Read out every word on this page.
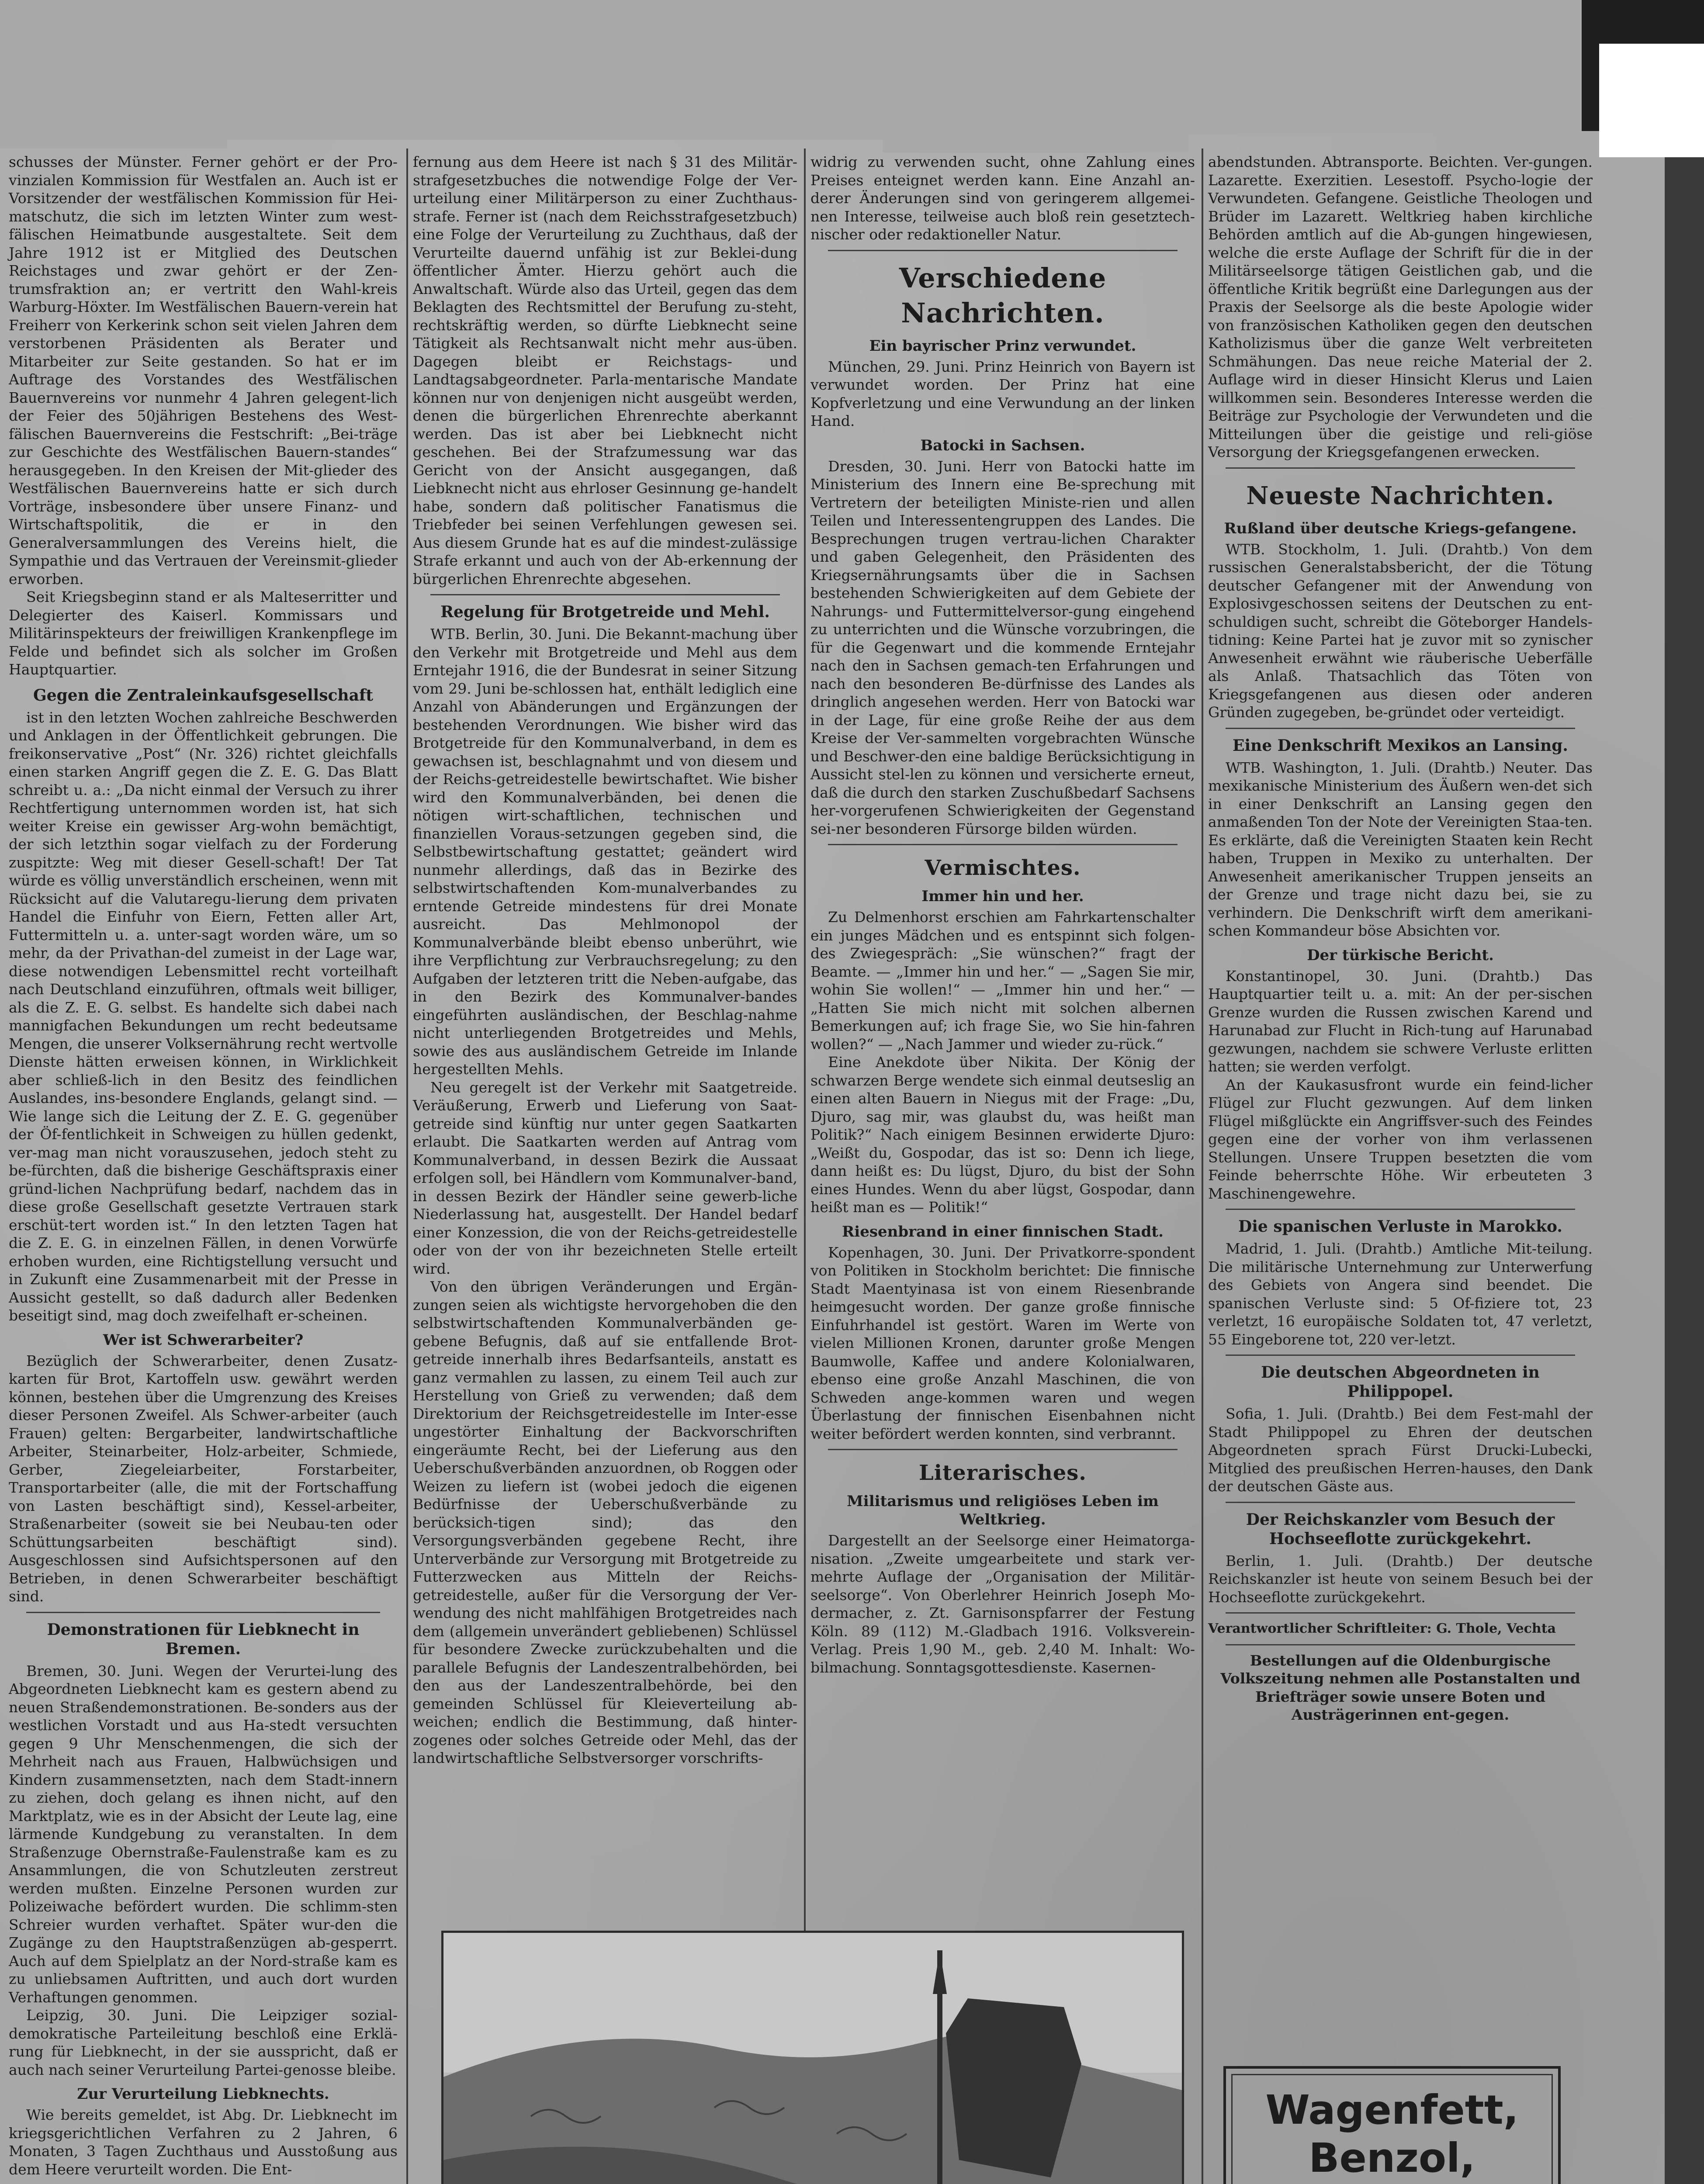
schusses der Münster. Ferner gehört er der Pro-vinzialen Kommission für Westfalen an. Auch ist er Vorsitzender der westfälischen Kommission für Hei-matschutz, die sich im letzten Winter zum west-fälischen Heimatbunde ausgestaltete. Seit dem Jahre 1912 ist er Mitglied des Deutschen Reichstages und zwar gehört er der Zen-trumsfraktion an; er vertritt den Wahl-kreis Warburg-Höxter. Im Westfälischen Bauern-verein hat Freiherr von Kerkerink schon seit vielen Jahren dem verstorbenen Präsidenten als Berater und Mitarbeiter zur Seite gestanden. So hat er im Auftrage des Vorstandes des Westfälischen Bauernvereins vor nunmehr 4 Jahren gelegent-lich der Feier des 50jährigen Bestehens des West-fälischen Bauernvereins die Festschrift: „Bei-träge zur Geschichte des Westfälischen Bauern-standes“ herausgegeben. In den Kreisen der Mit-glieder des Westfälischen Bauernvereins hatte er sich durch Vorträge, insbesondere über unsere Finanz- und Wirtschaftspolitik, die er in den Generalversammlungen des Vereins hielt, die Sympathie und das Vertrauen der Vereinsmit-glieder erworben.

Seit Kriegsbeginn stand er als Malteserritter und Delegierter des Kaiserl. Kommissars und Militärinspekteurs der freiwilligen Krankenpflege im Felde und befindet sich als solcher im Großen Hauptquartier.

Gegen die Zentraleinkaufsgesellschaft

ist in den letzten Wochen zahlreiche Beschwerden und Anklagen in der Öffentlichkeit gebrungen. Die freikonservative „Post“ (Nr. 326) richtet gleichfalls einen starken Angriff gegen die Z. E. G. Das Blatt schreibt u. a.: „Da nicht einmal der Versuch zu ihrer Rechtfertigung unternommen worden ist, hat sich weiter Kreise ein gewisser Arg-wohn bemächtigt, der sich letzthin sogar vielfach zu der Forderung zuspitzte: Weg mit dieser Gesell-schaft! Der Tat würde es völlig unverständlich erscheinen, wenn mit Rücksicht auf die Valutaregu-lierung dem privaten Handel die Einfuhr von Eiern, Fetten aller Art, Futtermitteln u. a. unter-sagt worden wäre, um so mehr, da der Privathan-del zumeist in der Lage war, diese notwendigen Lebensmittel recht vorteilhaft nach Deutschland einzuführen, oftmals weit billiger, als die Z. E. G. selbst. Es handelte sich dabei nach mannigfachen Bekundungen um recht bedeutsame Mengen, die unserer Volksernährung recht wertvolle Dienste hätten erweisen können, in Wirklichkeit aber schließ-lich in den Besitz des feindlichen Auslandes, ins-besondere Englands, gelangt sind. — Wie lange sich die Leitung der Z. E. G. gegenüber der Öf-fentlichkeit in Schweigen zu hüllen gedenkt, ver-mag man nicht vorauszusehen, jedoch steht zu be-fürchten, daß die bisherige Geschäftspraxis einer gründ-lichen Nachprüfung bedarf, nachdem das in diese große Gesellschaft gesetzte Vertrauen stark erschüt-tert worden ist.“ In den letzten Tagen hat die Z. E. G. in einzelnen Fällen, in denen Vorwürfe erhoben wurden, eine Richtigstellung versucht und in Zukunft eine Zusammenarbeit mit der Presse in Aussicht gestellt, so daß dadurch aller Bedenken beseitigt sind, mag doch zweifelhaft er-scheinen.

Wer ist Schwerarbeiter?

Bezüglich der Schwerarbeiter, denen Zusatz-karten für Brot, Kartoffeln usw. gewährt werden können, bestehen über die Umgrenzung des Kreises dieser Personen Zweifel. Als Schwer-arbeiter (auch Frauen) gelten: Bergarbeiter, landwirtschaftliche Arbeiter, Steinarbeiter, Holz-arbeiter, Schmiede, Gerber, Ziegeleiarbeiter, Forstarbeiter, Transportarbeiter (alle, die mit der Fortschaffung von Lasten beschäftigt sind), Kessel-arbeiter, Straßenarbeiter (soweit sie bei Neubau-ten oder Schüttungsarbeiten beschäftigt sind). Ausgeschlossen sind Aufsichtspersonen auf den Betrieben, in denen Schwerarbeiter beschäftigt sind.

Demonstrationen für Liebknecht in Bremen.

Bremen, 30. Juni. Wegen der Verurtei-lung des Abgeordneten Liebknecht kam es gestern abend zu neuen Straßendemonstrationen. Be-sonders aus der westlichen Vorstadt und aus Ha-stedt versuchten gegen 9 Uhr Menschenmengen, die sich der Mehrheit nach aus Frauen, Halbwüchsigen und Kindern zusammensetzten, nach dem Stadt-innern zu ziehen, doch gelang es ihnen nicht, auf den Marktplatz, wie es in der Absicht der Leute lag, eine lärmende Kundgebung zu veranstalten. In dem Straßenzuge Obernstraße-Faulenstraße kam es zu Ansammlungen, die von Schutzleuten zerstreut werden mußten. Einzelne Personen wurden zur Polizeiwache befördert wurden. Die schlimm-sten Schreier wurden verhaftet. Später wur-den die Zugänge zu den Hauptstraßenzügen ab-gesperrt. Auch auf dem Spielplatz an der Nord-straße kam es zu unliebsamen Auftritten, und auch dort wurden Verhaftungen genommen.

Leipzig, 30. Juni. Die Leipziger sozial-demokratische Parteileitung beschloß eine Erklä-rung für Liebknecht, in der sie ausspricht, daß er auch nach seiner Verurteilung Partei-genosse bleibe.

Zur Verurteilung Liebknechts.

Wie bereits gemeldet, ist Abg. Dr. Liebknecht im kriegsgerichtlichen Verfahren zu 2 Jahren, 6 Monaten, 3 Tagen Zuchthaus und Ausstoßung aus dem Heere verurteilt worden. Die Ent-

fernung aus dem Heere ist nach § 31 des Militär-strafgesetzbuches die notwendige Folge der Ver-urteilung einer Militärperson zu einer Zuchthaus-strafe. Ferner ist (nach dem Reichsstrafgesetzbuch) eine Folge der Verurteilung zu Zuchthaus, daß der Verurteilte dauernd unfähig ist zur Beklei-dung öffentlicher Ämter. Hierzu gehört auch die Anwaltschaft. Würde also das Urteil, gegen das dem Beklagten des Rechtsmittel der Berufung zu-steht, rechtskräftig werden, so dürfte Liebknecht seine Tätigkeit als Rechtsanwalt nicht mehr aus-üben. Dagegen bleibt er Reichstags- und Landtagsabgeordneter. Parla-mentarische Mandate können nur von denjenigen nicht ausgeübt werden, denen die bürgerlichen Ehrenrechte aberkannt werden. Das ist aber bei Liebknecht nicht geschehen. Bei der Strafzumessung war das Gericht von der Ansicht ausgegangen, daß Liebknecht nicht aus ehrloser Gesinnung ge-handelt habe, sondern daß politischer Fanatismus die Triebfeder bei seinen Verfehlungen gewesen sei. Aus diesem Grunde hat es auf die mindest-zulässige Strafe erkannt und auch von der Ab-erkennung der bürgerlichen Ehrenrechte abgesehen.

Regelung für Brotgetreide und Mehl.

WTB. Berlin, 30. Juni. Die Bekannt-machung über den Verkehr mit Brotgetreide und Mehl aus dem Erntejahr 1916, die der Bundesrat in seiner Sitzung vom 29. Juni be-schlossen hat, enthält lediglich eine Anzahl von Abänderungen und Ergänzungen der bestehenden Verordnungen. Wie bisher wird das Brotgetreide für den Kommunalverband, in dem es gewachsen ist, beschlagnahmt und von diesem und der Reichs-getreidestelle bewirtschaftet. Wie bisher wird den Kommunalverbänden, bei denen die nötigen wirt-schaftlichen, technischen und finanziellen Voraus-setzungen gegeben sind, die Selbstbewirtschaftung gestattet; geändert wird nunmehr allerdings, daß das in Bezirke des selbstwirtschaftenden Kom-munalverbandes zu erntende Getreide mindestens für drei Monate ausreicht. Das Mehlmonopol der Kommunalverbände bleibt ebenso unberührt, wie ihre Verpflichtung zur Verbrauchsregelung; zu den Aufgaben der letzteren tritt die Neben-aufgabe, das in den Bezirk des Kommunalver-bandes eingeführten ausländischen, der Beschlag-nahme nicht unterliegenden Brotgetreides und Mehls, sowie des aus ausländischem Getreide im Inlande hergestellten Mehls.

Neu geregelt ist der Verkehr mit Saatgetreide. Veräußerung, Erwerb und Lieferung von Saat-getreide sind künftig nur unter gegen Saatkarten erlaubt. Die Saatkarten werden auf Antrag vom Kommunalverband, in dessen Bezirk die Aussaat erfolgen soll, bei Händlern vom Kommunalver-band, in dessen Bezirk der Händler seine gewerb-liche Niederlassung hat, ausgestellt. Der Handel bedarf einer Konzession, die von der Reichs-getreidestelle oder von der von ihr bezeichneten Stelle erteilt wird.

Von den übrigen Veränderungen und Ergän-zungen seien als wichtigste hervorgehoben die den selbstwirtschaftenden Kommunalverbänden ge-gebene Befugnis, daß auf sie entfallende Brot-getreide innerhalb ihres Bedarfsanteils, anstatt es ganz vermahlen zu lassen, zu einem Teil auch zur Herstellung von Grieß zu verwenden; daß dem Direktorium der Reichsgetreidestelle im Inter-esse ungestörter Einhaltung der Backvorschriften eingeräumte Recht, bei der Lieferung aus den Ueberschußverbänden anzuordnen, ob Roggen oder Weizen zu liefern ist (wobei jedoch die eigenen Bedürfnisse der Ueberschußverbände zu berücksich-tigen sind); das den Versorgungsverbänden gegebene Recht, ihre Unterverbände zur Versorgung mit Brotgetreide zu Futterzwecken aus Mitteln der Reichs-getreidestelle, außer für die Versorgung der Ver-wendung des nicht mahlfähigen Brotgetreides nach dem (allgemein unverändert gebliebenen) Schlüssel für besondere Zwecke zurückzubehalten und die parallele Befugnis der Landeszentralbehörden, bei den aus der Landeszentralbehörde, bei den gemeinden Schlüssel für Kleieverteilung ab-weichen; endlich die Bestimmung, daß hinter-zogenes oder solches Getreide oder Mehl, das der landwirtschaftliche Selbstversorger vorschrifts-

widrig zu verwenden sucht, ohne Zahlung eines Preises enteignet werden kann. Eine Anzahl an-derer Änderungen sind von geringerem allgemei-nen Interesse, teilweise auch bloß rein gesetztech-nischer oder redaktioneller Natur.

Verschiedene Nachrichten.
Ein bayrischer Prinz verwundet.

München, 29. Juni. Prinz Heinrich von Bayern ist verwundet worden. Der Prinz hat eine Kopfverletzung und eine Verwundung an der linken Hand.

Batocki in Sachsen.

Dresden, 30. Juni. Herr von Batocki hatte im Ministerium des Innern eine Be-sprechung mit Vertretern der beteiligten Ministe-rien und allen Teilen und Interessentengruppen des Landes. Die Besprechungen trugen vertrau-lichen Charakter und gaben Gelegenheit, den Präsidenten des Kriegsernährungsamts über die in Sachsen bestehenden Schwierigkeiten auf dem Gebiete der Nahrungs- und Futtermittelversor-gung eingehend zu unterrichten und die Wünsche vorzubringen, die für die Gegenwart und die kommende Erntejahr nach den in Sachsen gemach-ten Erfahrungen und nach den besonderen Be-dürfnisse des Landes als dringlich angesehen werden. Herr von Batocki war in der Lage, für eine große Reihe der aus dem Kreise der Ver-sammelten vorgebrachten Wünsche und Beschwer-den eine baldige Berücksichtigung in Aussicht stel-len zu können und versicherte erneut, daß die durch den starken Zuschußbedarf Sachsens her-vorgerufenen Schwierigkeiten der Gegenstand sei-ner besonderen Fürsorge bilden würden.

Vermischtes.
Immer hin und her.

Zu Delmenhorst erschien am Fahrkartenschalter ein junges Mädchen und es entspinnt sich folgen-des Zwiegespräch: „Sie wünschen?“ fragt der Beamte. — „Immer hin und her.“ — „Sagen Sie mir, wohin Sie wollen!“ — „Immer hin und her.“ — „Hatten Sie mich nicht mit solchen albernen Bemerkungen auf; ich frage Sie, wo Sie hin-fahren wollen?“ — „Nach Jammer und wieder zu-rück.“

Eine Anekdote über Nikita. Der König der schwarzen Berge wendete sich einmal deutseslig an einen alten Bauern in Niegus mit der Frage: „Du, Djuro, sag mir, was glaubst du, was heißt man Politik?“ Nach einigem Besinnen erwiderte Djuro: „Weißt du, Gospodar, das ist so: Denn ich liege, dann heißt es: Du lügst, Djuro, du bist der Sohn eines Hundes. Wenn du aber lügst, Gospodar, dann heißt man es — Politik!“

Riesenbrand in einer finnischen Stadt.

Kopenhagen, 30. Juni. Der Privatkorre-spondent von Politiken in Stockholm berichtet: Die finnische Stadt Maentyinasa ist von einem Riesenbrande heimgesucht worden. Der ganze große finnische Einfuhrhandel ist gestört. Waren im Werte von vielen Millionen Kronen, darunter große Mengen Baumwolle, Kaffee und andere Kolonialwaren, ebenso eine große Anzahl Maschinen, die von Schweden ange-kommen waren und wegen Überlastung der finnischen Eisenbahnen nicht weiter befördert werden konnten, sind verbrannt.

Literarisches.
Militarismus und religiöses Leben im Weltkrieg.

Dargestellt an der Seelsorge einer Heimatorga-nisation. „Zweite umgearbeitete und stark ver-mehrte Auflage der „Organisation der Militär-seelsorge“. Von Oberlehrer Heinrich Joseph Mo-dermacher, z. Zt. Garnisonspfarrer der Festung Köln. 89 (112) M.-Gladbach 1916. Volksverein-Verlag. Preis 1,90 M., geb. 2,40 M. Inhalt: Wo-bilmachung. Sonntagsgottesdienste. Kasernen-

abendstunden. Abtransporte. Beichten. Ver-gungen. Lazarette. Exerzitien. Lesestoff. Psycho-logie der Verwundeten. Gefangene. Geistliche Theologen und Brüder im Lazarett. Weltkrieg haben kirchliche Behörden amtlich auf die Ab-gungen hingewiesen, welche die erste Auflage der Schrift für die in der Militärseelsorge tätigen Geistlichen gab, und die öffentliche Kritik begrüßt eine Darlegungen aus der Praxis der Seelsorge als die beste Apologie wider von französischen Katholiken gegen den deutschen Katholizismus über die ganze Welt verbreiteten Schmähungen. Das neue reiche Material der 2. Auflage wird in dieser Hinsicht Klerus und Laien willkommen sein. Besonderes Interesse werden die Beiträge zur Psychologie der Verwundeten und die Mitteilungen über die geistige und reli-giöse Versorgung der Kriegsgefangenen erwecken.

Neueste Nachrichten.
Rußland über deutsche Kriegs-gefangene.

WTB. Stockholm, 1. Juli. (Drahtb.) Von dem russischen Generalstabsbericht, der die Tötung deutscher Gefangener mit der Anwendung von Explosivgeschossen seitens der Deutschen zu ent-schuldigen sucht, schreibt die Göteborger Handels-tidning: Keine Partei hat je zuvor mit so zynischer Anwesenheit erwähnt wie räuberische Ueberfälle als Anlaß. Thatsachlich das Töten von Kriegsgefangenen aus diesen oder anderen Gründen zugegeben, be-gründet oder verteidigt.

Eine Denkschrift Mexikos an Lansing.

WTB. Washington, 1. Juli. (Drahtb.) Neuter. Das mexikanische Ministerium des Äußern wen-det sich in einer Denkschrift an Lansing gegen den anmaßenden Ton der Note der Vereinigten Staa-ten. Es erklärte, daß die Vereinigten Staaten kein Recht haben, Truppen in Mexiko zu unterhalten. Der Anwesenheit amerikanischer Truppen jenseits an der Grenze und trage nicht dazu bei, sie zu verhindern. Die Denkschrift wirft dem amerikani-schen Kommandeur böse Absichten vor.

Der türkische Bericht.

Konstantinopel, 30. Juni. (Drahtb.) Das Hauptquartier teilt u. a. mit: An der per-sischen Grenze wurden die Russen zwischen Karend und Harunabad zur Flucht in Rich-tung auf Harunabad gezwungen, nachdem sie schwere Verluste erlitten hatten; sie werden verfolgt.

An der Kaukasusfront wurde ein feind-licher Flügel zur Flucht gezwungen. Auf dem linken Flügel mißglückte ein Angriffsver-such des Feindes gegen eine der vorher von ihm verlassenen Stellungen. Unsere Truppen besetzten die vom Feinde beherrschte Höhe. Wir erbeuteten 3 Maschinengewehre.

Die spanischen Verluste in Marokko.

Madrid, 1. Juli. (Drahtb.) Amtliche Mit-teilung. Die militärische Unternehmung zur Unterwerfung des Gebiets von Angera sind beendet. Die spanischen Verluste sind: 5 Of-fiziere tot, 23 verletzt, 16 europäische Soldaten tot, 47 verletzt, 55 Eingeborene tot, 220 ver-letzt.

Die deutschen Abgeordneten in Philippopel.

Sofia, 1. Juli. (Drahtb.) Bei dem Fest-mahl der Stadt Philippopel zu Ehren der deutschen Abgeordneten sprach Fürst Drucki-Lubecki, Mitglied des preußischen Herren-hauses, den Dank der deutschen Gäste aus.

Der Reichskanzler vom Besuch der Hochseeflotte zurückgekehrt.

Berlin, 1. Juli. (Drahtb.) Der deutsche Reichskanzler ist heute von seinem Besuch bei der Hochseeflotte zurückgekehrt.

Verantwortlicher Schriftleiter: G. Thole, Vechta

Bestellungen auf die Oldenburgische Volkszeitung nehmen alle Postanstalten und Briefträger sowie unsere Boten und Austrägerinnen ent-gegen.

Wagenfett,
Benzol,
